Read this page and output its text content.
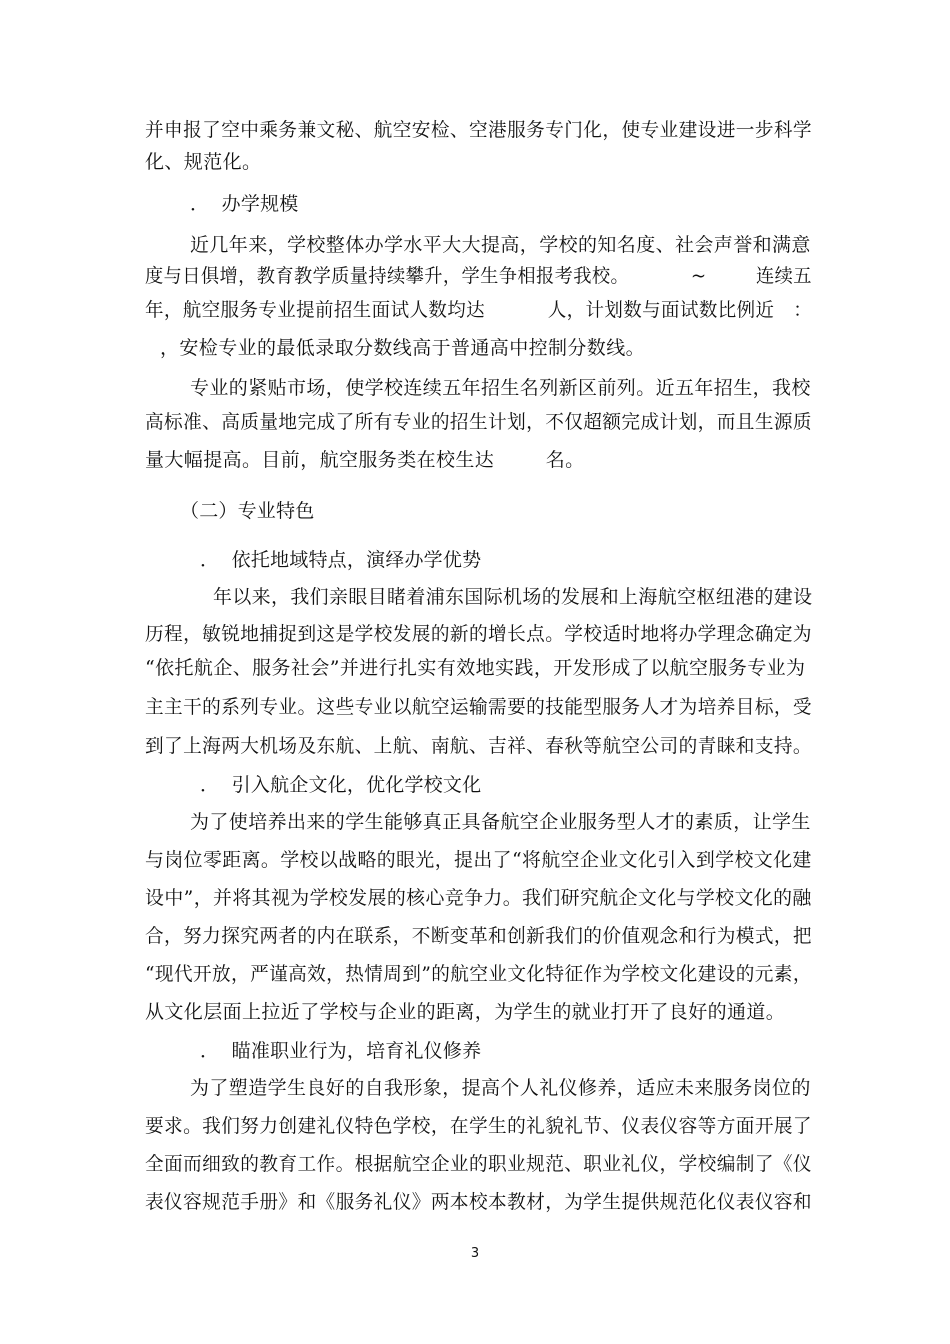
并申报了空中乘务兼文秘、航空安检、空港服务专门化，使专业建设进一步科学
化、规范化。
．  办学规模
近几年来，学校整体办学水平大大提高，学校的知名度、社会声誉和满意
度与日俱增，教育教学质量持续攀升，学生争相报考我校。          ~        连续五
年，航空服务专业提前招生面试人数均达          人，计划数与面试数比例近   ：
，安检专业的最低录取分数线高于普通高中控制分数线。
专业的紧贴市场，使学校连续五年招生名列新区前列。近五年招生，我校
高标准、高质量地完成了所有专业的招生计划，不仅超额完成计划，而且生源质
量大幅提高。目前，航空服务类在校生达        名。
（二）专业特色
．  依托地域特点，演绎办学优势
年以来，我们亲眼目睹着浦东国际机场的发展和上海航空枢纽港的建设
历程，敏锐地捕捉到这是学校发展的新的增长点。学校适时地将办学理念确定为
“依托航企、服务社会”并进行扎实有效地实践，开发形成了以航空服务专业为
主主干的系列专业。这些专业以航空运输需要的技能型服务人才为培养目标，受
到了上海两大机场及东航、上航、南航、吉祥、春秋等航空公司的青睐和支持。
．  引入航企文化，优化学校文化
为了使培养出来的学生能够真正具备航空企业服务型人才的素质，让学生
与岗位零距离。学校以战略的眼光，提出了“将航空企业文化引入到学校文化建
设中”，并将其视为学校发展的核心竞争力。我们研究航企文化与学校文化的融
合，努力探究两者的内在联系，不断变革和创新我们的价值观念和行为模式，把
“现代开放，严谨高效，热情周到”的航空业文化特征作为学校文化建设的元素，
从文化层面上拉近了学校与企业的距离，为学生的就业打开了良好的通道。
．  瞄准职业行为，培育礼仪修养
为了塑造学生良好的自我形象，提高个人礼仪修养，适应未来服务岗位的
要求。我们努力创建礼仪特色学校，在学生的礼貌礼节、仪表仪容等方面开展了
全面而细致的教育工作。根据航空企业的职业规范、职业礼仪，学校编制了《仪
表仪容规范手册》和《服务礼仪》两本校本教材，为学生提供规范化仪表仪容和
3
